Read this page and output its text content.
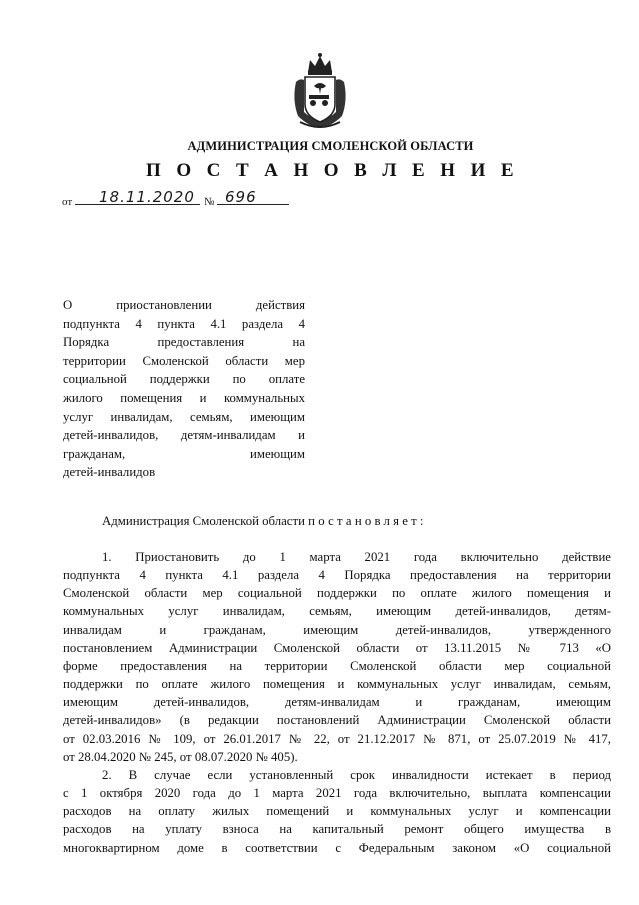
АДМИНИСТРАЦИЯ СМОЛЕНСКОЙ ОБЛАСТИ
П О С Т А Н О В Л Е Н И Е
от	18.11.2020 № 696
О приостановлении действия
подпункта 4 пункта 4.1 раздела 4
Порядка предоставления на
территории Смоленской области мер
социальной поддержки по оплате
жилого помещения и коммунальных
услуг инвалидам, семьям, имеющим
детей-инвалидов, детям-инвалидам и
гражданам, имеющим
детей-инвалидов
Администрация Смоленской области постановляет:
1. Приостановить до 1 марта 2021 года включительно действие
подпункта 4 пункта 4.1 раздела 4 Порядка предоставления на территории
Смоленской области мер социальной поддержки по оплате жилого помещения и
коммунальных услуг инвалидам, семьям, имеющим детей-инвалидов, детям-
инвалидам и гражданам, имеющим детей-инвалидов, утвержденного
постановлением Администрации Смоленской области от 13.11.2015 № 713 «О
форме предоставления на территории Смоленской области мер социальной
поддержки по оплате жилого помещения и коммунальных услуг инвалидам, семьям,
имеющим детей-инвалидов, детям-инвалидам и гражданам, имеющим
детей-инвалидов» (в редакции постановлений Администрации Смоленской области
от 02.03.2016 № 109, от 26.01.2017 № 22, от 21.12.2017 № 871, от 25.07.2019 № 417,
от 28.04.2020 № 245, от 08.07.2020 № 405).
2. В случае если установленный срок инвалидности истекает в период
с 1 октября 2020 года до 1 марта 2021 года включительно, выплата компенсации
расходов на оплату жилых помещений и коммунальных услуг и компенсации
расходов на уплату взноса на капитальный ремонт общего имущества в
многоквартирном доме в соответствии с Федеральным законом «О социальной
